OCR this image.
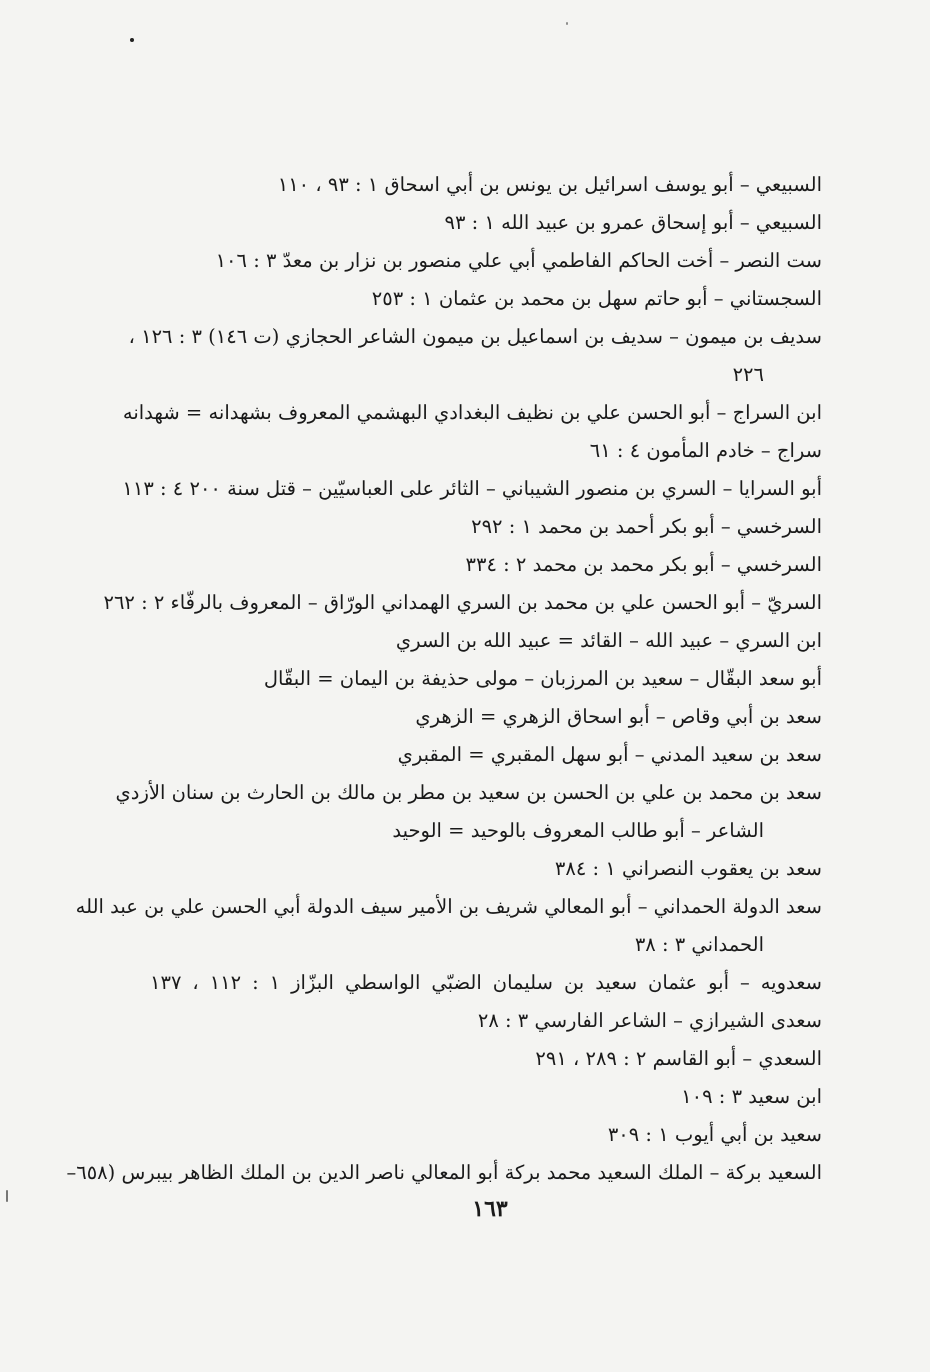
السبيعي – أبو يوسف اسرائيل بن يونس بن أبي اسحاق ١ : ٩٣ ، ١١٠
السبيعي – أبو إسحاق عمرو بن عبيد الله ١ : ٩٣
ست النصر – أخت الحاكم الفاطمي أبي علي منصور بن نزار بن معدّ ٣ : ١٠٦
السجستاني – أبو حاتم سهل بن محمد بن عثمان ١ : ٢٥٣
سديف بن ميمون – سديف بن اسماعيل بن ميمون الشاعر الحجازي (ت ١٤٦) ٣ : ١٢٦ ،
٢٢٦
ابن السراج – أبو الحسن علي بن نظيف البغدادي البهشمي المعروف بشهدانه = شهدانه
سراج – خادم المأمون ٤ : ٦١
أبو السرايا – السري بن منصور الشيباني – الثائر على العباسيّين – قتل سنة ٢٠٠ ٤ : ١١٣
السرخسي – أبو بكر أحمد بن محمد ١ : ٢٩٢
السرخسي – أبو بكر محمد بن محمد ٢ : ٣٣٤
السريّ – أبو الحسن علي بن محمد بن السري الهمداني الورّاق – المعروف بالرفّاء ٢ : ٢٦٢
ابن السري – عبيد الله – القائد = عبيد الله بن السري
أبو سعد البقّال – سعيد بن المرزبان – مولى حذيفة بن اليمان = البقّال
سعد بن أبي وقاص – أبو اسحاق الزهري = الزهري
سعد بن سعيد المدني – أبو سهل المقبري = المقبري
سعد بن محمد بن علي بن الحسن بن سعيد بن مطر بن مالك بن الحارث بن سنان الأزدي
الشاعر – أبو طالب المعروف بالوحيد = الوحيد
سعد بن يعقوب النصراني ١ : ٣٨٤
سعد الدولة الحمداني – أبو المعالي شريف بن الأمير سيف الدولة أبي الحسن علي بن عبد الله
الحمداني ٣ : ٣٨
سعدويه – أبو عثمان سعيد بن سليمان الضبّي الواسطي البزّاز ١ : ١١٢ ، ١٣٧
سعدى الشيرازي – الشاعر الفارسي ٣ : ٢٨
السعدي – أبو القاسم ٢ : ٢٨٩ ، ٢٩١
ابن سعيد ٣ : ١٠٩
سعيد بن أبي أيوب ١ : ٣٠٩
السعيد بركة – الملك السعيد محمد بركة أبو المعالي ناصر الدين بن الملك الظاهر بيبرس (٦٥٨–
١٦٣
